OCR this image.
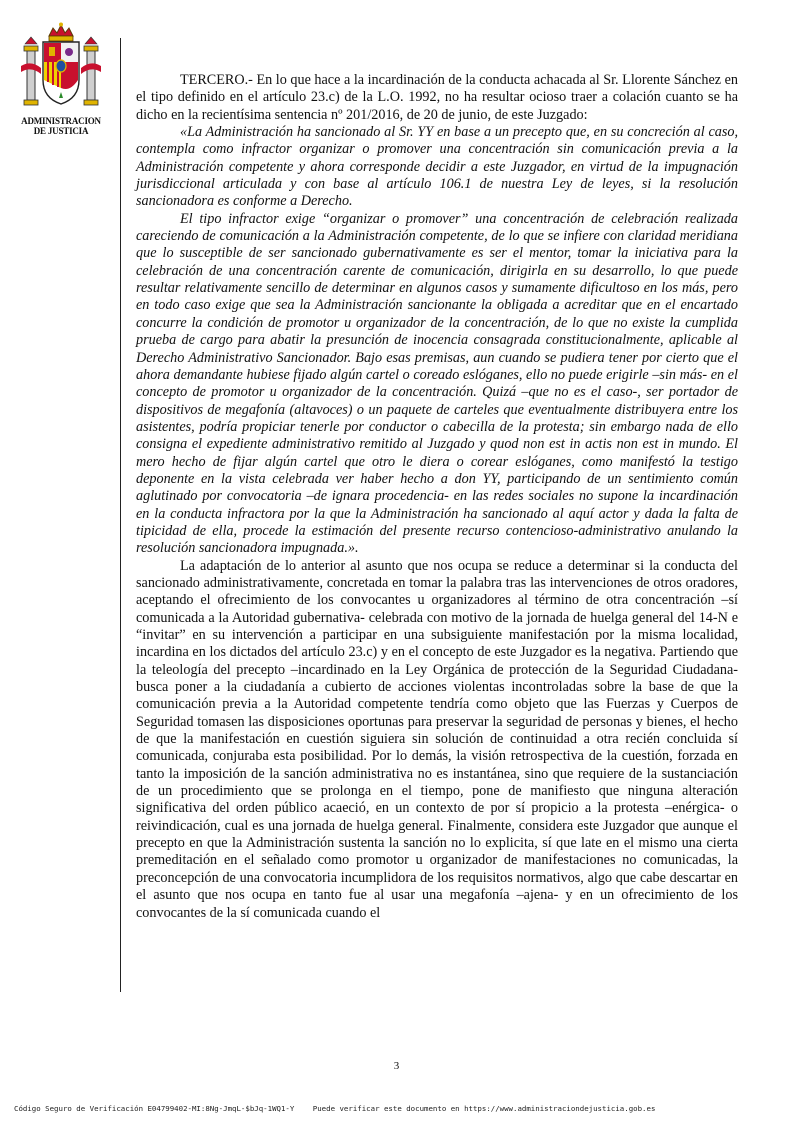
ADMINISTRACION
DE JUSTICIA

TERCERO.- En lo que hace a la incardinación de la conducta achacada al Sr. Llorente Sánchez en el tipo definido en el artículo 23.c) de la L.O. 1992, no ha resultar ocioso traer a colación cuanto se ha dicho en la recientísima sentencia nº 201/2016, de 20 de junio, de este Juzgado:

«La Administración ha sancionado al Sr. YY en base a un precepto que, en su concreción al caso, contempla como infractor organizar o promover una concentración sin comunicación previa a la Administración competente y ahora corresponde decidir a este Juzgador, en virtud de la impugnación jurisdiccional articulada y con base al artículo 106.1 de nuestra Ley de leyes, si la resolución sancionadora es conforme a Derecho.

El tipo infractor exige “organizar o promover” una concentración de celebración realizada careciendo de comunicación a la Administración competente, de lo que se infiere con claridad meridiana que lo susceptible de ser sancionado gubernativamente es ser el mentor, tomar la iniciativa para la celebración de una concentración carente de comunicación, dirigirla en su desarrollo, lo que puede resultar relativamente sencillo de determinar en algunos casos y sumamente dificultoso en los más, pero en todo caso exige que sea la Administración sancionante la obligada a acreditar que en el encartado concurre la condición de promotor u organizador de la concentración, de lo que no existe la cumplida prueba de cargo para abatir la presunción de inocencia consagrada constitucionalmente, aplicable al Derecho Administrativo Sancionador. Bajo esas premisas, aun cuando se pudiera tener por cierto que el ahora demandante hubiese fijado algún cartel o coreado eslóganes, ello no puede erigirle –sin más- en el concepto de promotor u organizador de la concentración. Quizá –que no es el caso-, ser portador de dispositivos de megafonía (altavoces) o un paquete de carteles que eventualmente distribuyera entre los asistentes, podría propiciar tenerle por conductor o cabecilla de la protesta; sin embargo nada de ello consigna el expediente administrativo remitido al Juzgado y quod non est in actis non est in mundo. El mero hecho de fijar algún cartel que otro le diera o corear eslóganes, como manifestó la testigo deponente en la vista celebrada ver haber hecho a don YY, participando de un sentimiento común aglutinado por convocatoria –de ignara procedencia- en las redes sociales no supone la incardinación en la conducta infractora por la que la Administración ha sancionado al aquí actor y dada la falta de tipicidad de ella, procede la estimación del presente recurso contencioso-administrativo anulando la resolución sancionadora impugnada.».

La adaptación de lo anterior al asunto que nos ocupa se reduce a determinar si la conducta del sancionado administrativamente, concretada en tomar la palabra tras las intervenciones de otros oradores, aceptando el ofrecimiento de los convocantes u organizadores al término de otra concentración –sí comunicada a la Autoridad gubernativa- celebrada con motivo de la jornada de huelga general del 14-N e “invitar” en su intervención a participar en una subsiguiente manifestación por la misma localidad, incardina en los dictados del artículo 23.c) y en el concepto de este Juzgador es la negativa. Partiendo que la teleología del precepto –incardinado en la Ley Orgánica de protección de la Seguridad Ciudadana- busca poner a la ciudadanía a cubierto de acciones violentas incontroladas sobre la base de que la comunicación previa a la Autoridad competente tendría como objeto que las Fuerzas y Cuerpos de Seguridad tomasen las disposiciones oportunas para preservar la seguridad de personas y bienes, el hecho de que la manifestación en cuestión siguiera sin solución de continuidad a otra recién concluida sí comunicada, conjuraba esta posibilidad. Por lo demás, la visión retrospectiva de la cuestión, forzada en tanto la imposición de la sanción administrativa no es instantánea, sino que requiere de la sustanciación de un procedimiento que se prolonga en el tiempo, pone de manifiesto que ninguna alteración significativa del orden público acaeció, en un contexto de por sí propicio a la protesta –enérgica- o reivindicación, cual es una jornada de huelga general. Finalmente, considera este Juzgador que aunque el precepto en que la Administración sustenta la sanción no lo explicita, sí que late en el mismo una cierta premeditación en el señalado como promotor u organizador de manifestaciones no comunicadas, la preconcepción de una convocatoria incumplidora de los requisitos normativos, algo que cabe descartar en el asunto que nos ocupa en tanto fue al usar una megafonía –ajena- y en un ofrecimiento de los convocantes de la sí comunicada cuando el

3
Código Seguro de Verificación E04799402-MI:8Ng-JmqL-$bJq-1WQ1-Y Puede verificar este documento en https://www.administraciondejusticia.gob.es
